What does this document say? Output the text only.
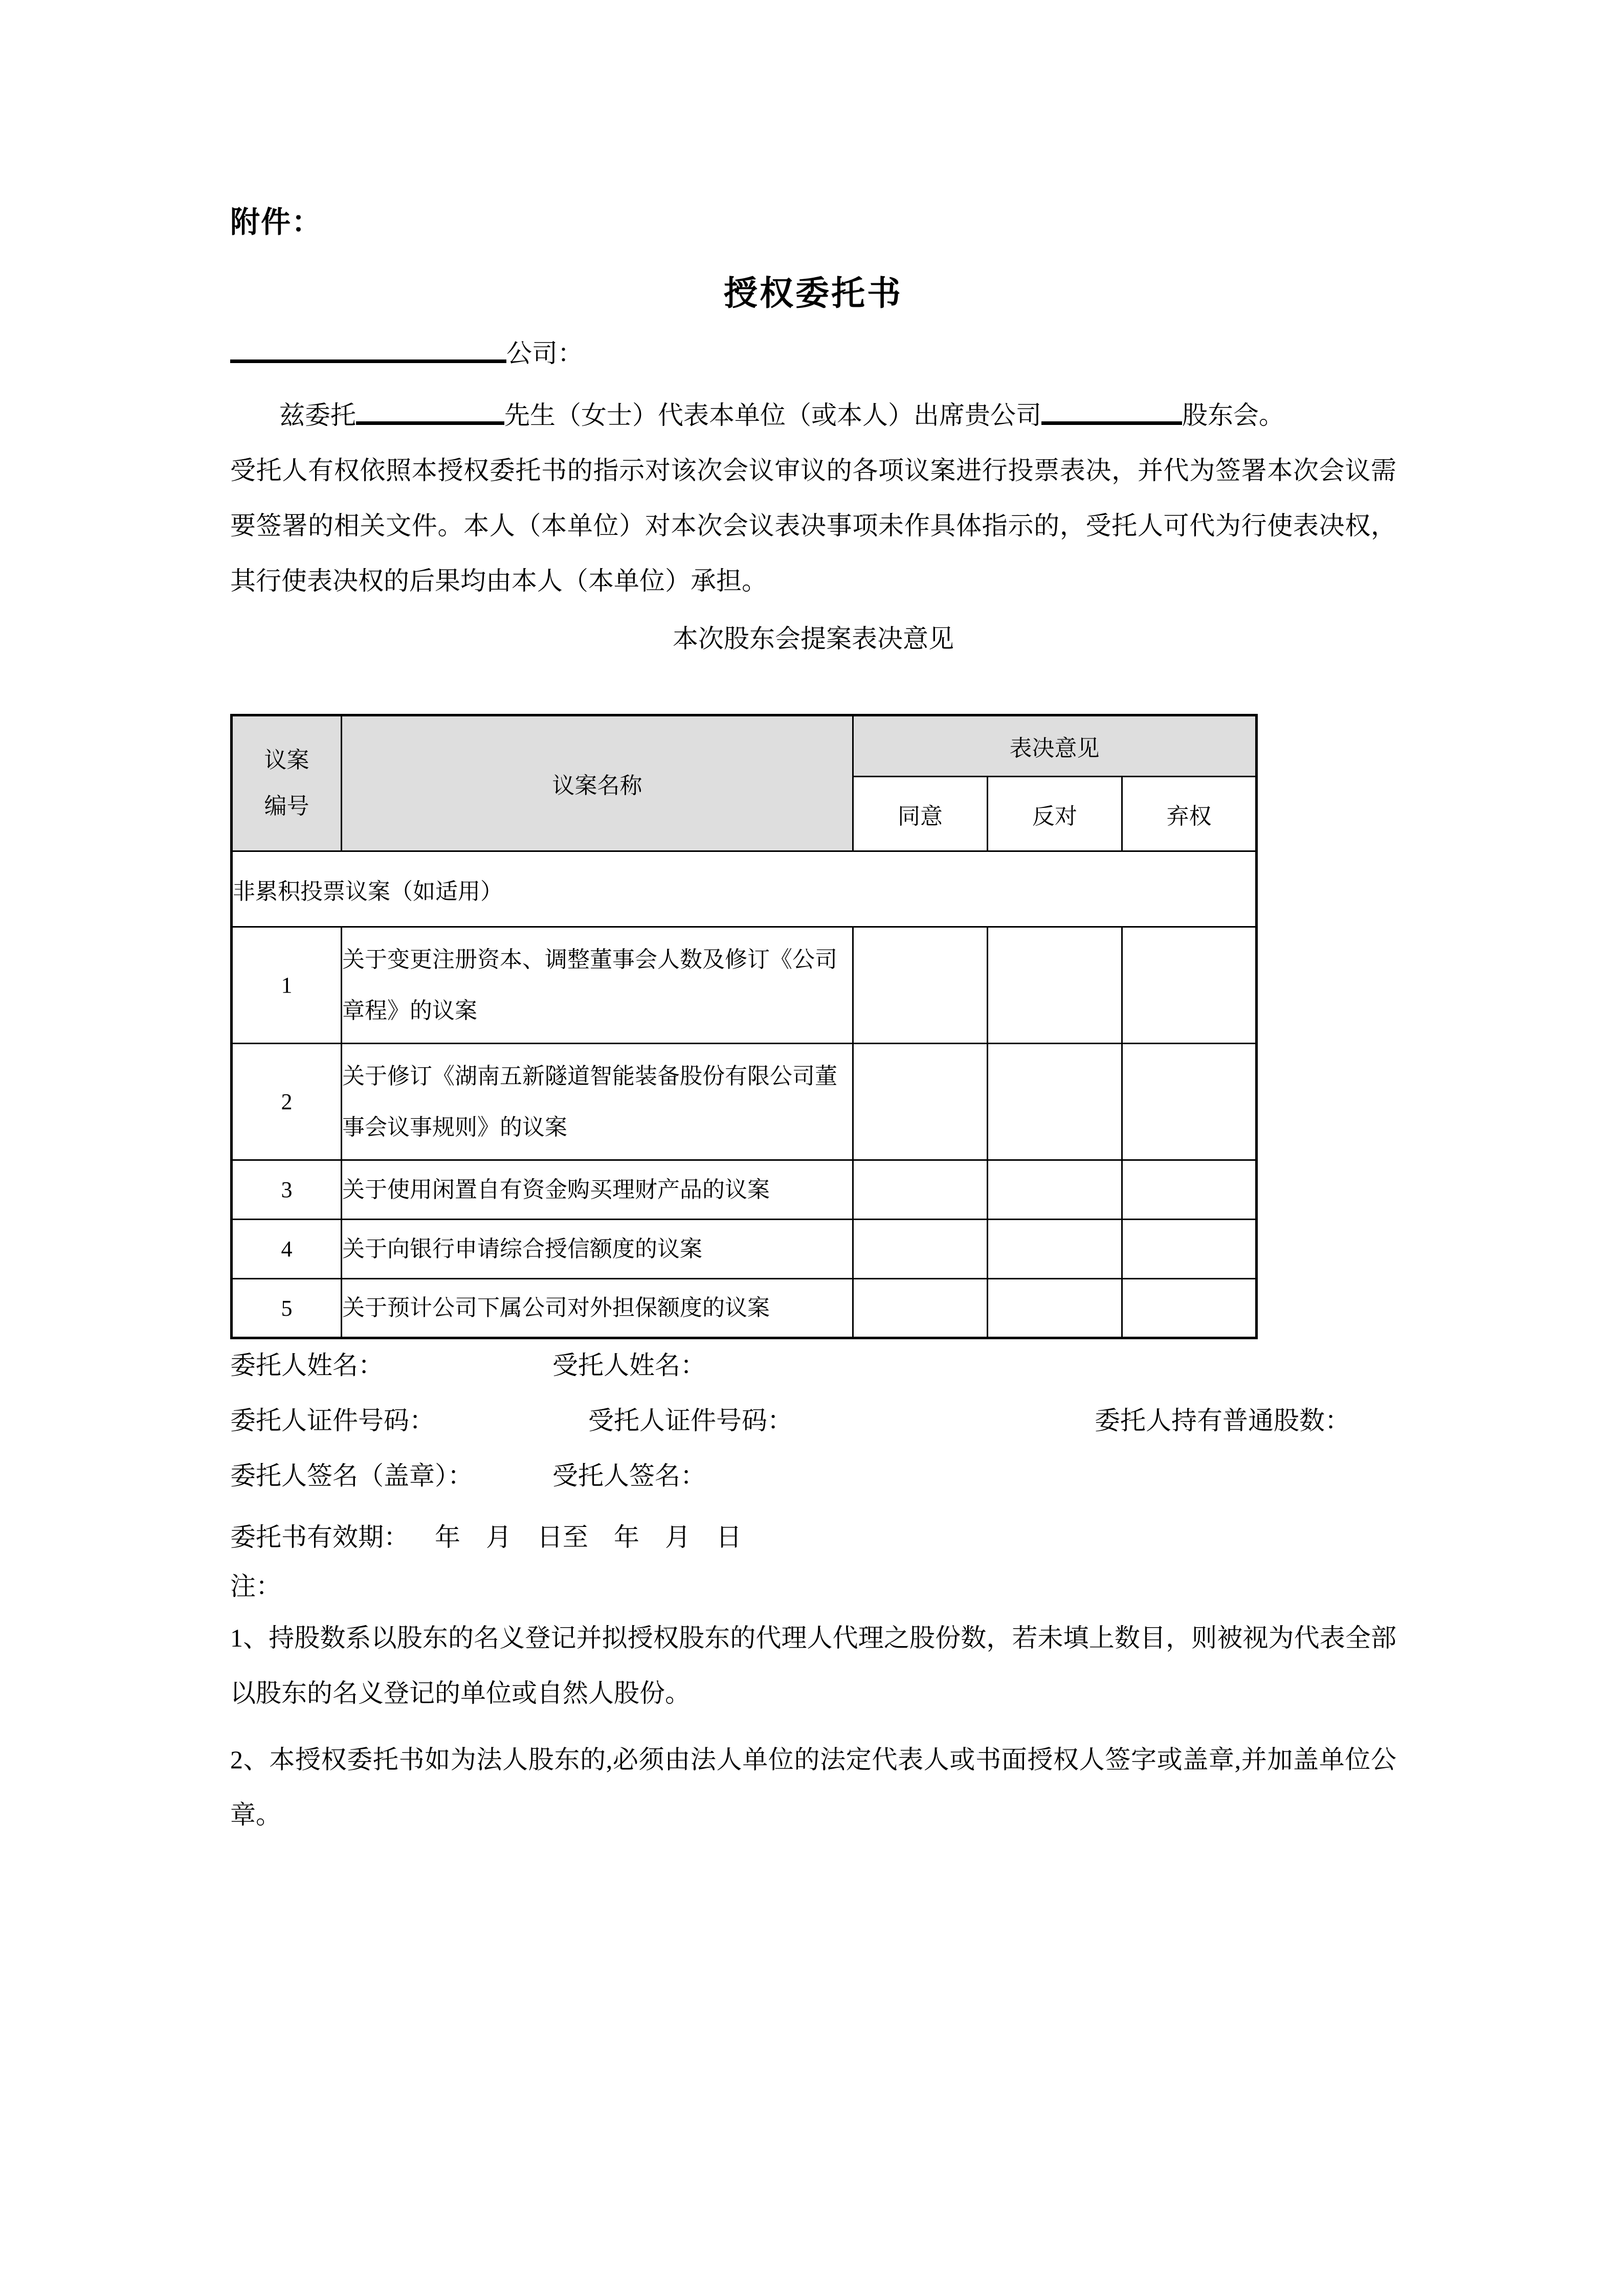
附件：
授权委托书
公司：
兹委托	先生（女士）代表本单位（或本人）出席贵公司	股东会。
受托人有权依照本授权委托书的指示对该次会议审议的各项议案进行投票表决，并代为签署本次会议需要签署的相关文件。本人（本单位）对本次会议表决事项未作具体指示的，受托人可代为行使表决权，其行使表决权的后果均由本人（本单位）承担。
本次股东会提案表决意见
议案
编号	议案名称	表决意见		
		同意	反对	弃权
非累积投票议案（如适用）				
1	关于变更注册资本、调整董事会人数及修订《公司章程》的议案			
2	关于修订《湖南五新隧道智能装备股份有限公司董事会议事规则》的议案			
3	关于使用闲置自有资金购买理财产品的议案			
4	关于向银行申请综合授信额度的议案			
5	关于预计公司下属公司对外担保额度的议案			
委托人姓名：	受托人姓名：
委托人证件号码：	受托人证件号码：	委托人持有普通股数：
委托人签名（盖章）：	受托人签名：
委托书有效期：    年    月    日至    年    月    日
注：
1、持股数系以股东的名义登记并拟授权股东的代理人代理之股份数，若未填上数目，则被视为代表全部以股东的名义登记的单位或自然人股份。
2、本授权委托书如为法人股东的,必须由法人单位的法定代表人或书面授权人签字或盖章,并加盖单位公章。
